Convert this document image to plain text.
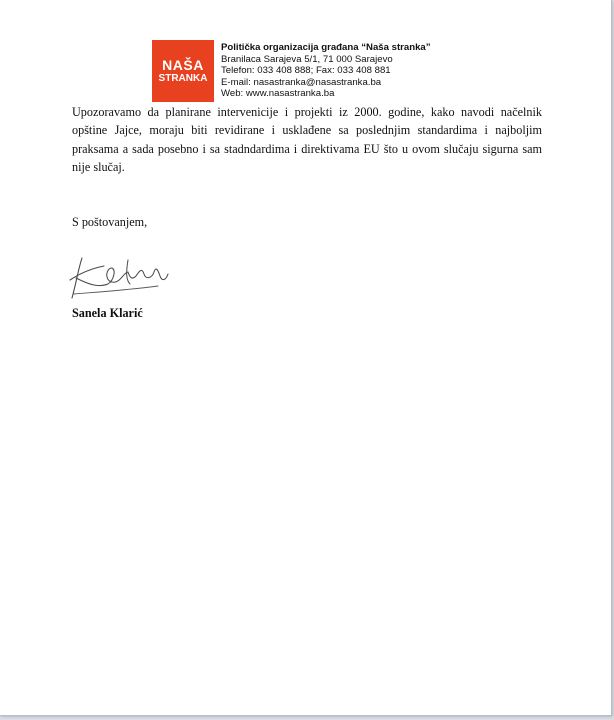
NAŠA
STRANKA
Politička organizacija građana “Naša stranka”
Branilaca Sarajeva 5/1, 71 000 Sarajevo
Telefon: 033 408 888; Fax: 033 408 881
E-mail: nasastranka@nasastranka.ba
Web: www.nasastranka.ba
Upozoravamo da planirane intervenicije i projekti iz 2000. godine, kako navodi načelnik opštine Jajce, moraju biti revidirane i usklađene sa poslednjim standardima i najboljim praksama a sada posebno i sa stadndardima i direktivama EU što u ovom slučaju sigurna sam nije slučaj.
S poštovanjem,
Sanela Klarić
